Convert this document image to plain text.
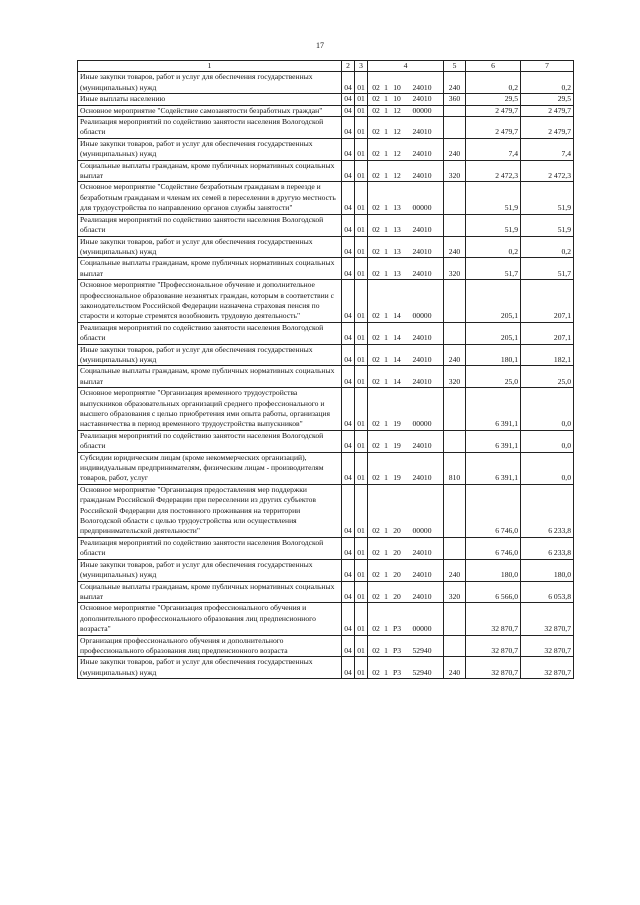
17
1	2	3	4	5	6	7
Иные закупки товаров, работ и услуг для обеспечения государственных (муниципальных) нужд	04	01	02 1 10 24010	240	0,2	0,2
Иные выплаты населению	04	01	02 1 10 24010	360	29,5	29,5
Основное мероприятие "Содействие самозанятости безработных граждан"	04	01	02 1 12 00000		2 479,7	2 479,7
Реализация мероприятий по содействию занятости населения Вологодской области	04	01	02 1 12 24010		2 479,7	2 479,7
Иные закупки товаров, работ и услуг для обеспечения государственных (муниципальных) нужд	04	01	02 1 12 24010	240	7,4	7,4
Социальные выплаты гражданам, кроме публичных нормативных социальных выплат	04	01	02 1 12 24010	320	2 472,3	2 472,3
Основное мероприятие "Содействие безработным гражданам в переезде и безработным гражданам и членам их семей в переселении в другую местность для трудоустройства по направлению органов службы занятости"	04	01	02 1 13 00000		51,9	51,9
Реализация мероприятий по содействию занятости населения Вологодской области	04	01	02 1 13 24010		51,9	51,9
Иные закупки товаров, работ и услуг для обеспечения государственных (муниципальных) нужд	04	01	02 1 13 24010	240	0,2	0,2
Социальные выплаты гражданам, кроме публичных нормативных социальных выплат	04	01	02 1 13 24010	320	51,7	51,7
Основное мероприятие "Профессиональное обучение и дополнительное профессиональное образование незанятых граждан, которым в соответствии с законодательством Российской Федерации назначена страховая пенсия по старости и которые стремятся возобновить трудовую деятельность"	04	01	02 1 14 00000		205,1	207,1
Реализация мероприятий по содействию занятости населения Вологодской области	04	01	02 1 14 24010		205,1	207,1
Иные закупки товаров, работ и услуг для обеспечения государственных (муниципальных) нужд	04	01	02 1 14 24010	240	180,1	182,1
Социальные выплаты гражданам, кроме публичных нормативных социальных выплат	04	01	02 1 14 24010	320	25,0	25,0
Основное мероприятие "Организация временного трудоустройства выпускников образовательных организаций среднего профессионального и высшего образования с целью приобретения ими опыта работы, организация наставничества в период временного трудоустройства выпускников"	04	01	02 1 19 00000		6 391,1	0,0
Реализация мероприятий по содействию занятости населения Вологодской области	04	01	02 1 19 24010		6 391,1	0,0
Субсидии юридическим лицам (кроме некоммерческих организаций), индивидуальным предпринимателям, физическим лицам - производителям товаров, работ, услуг	04	01	02 1 19 24010	810	6 391,1	0,0
Основное мероприятие "Организация предоставления мер поддержки гражданам Российской Федерации при переселении из других субъектов Российской Федерации для постоянного проживания на территории Вологодской области с целью трудоустройства или осуществления предпринимательской деятельности"	04	01	02 1 20 00000		6 746,0	6 233,8
Реализация мероприятий по содействию занятости населения Вологодской области	04	01	02 1 20 24010		6 746,0	6 233,8
Иные закупки товаров, работ и услуг для обеспечения государственных (муниципальных) нужд	04	01	02 1 20 24010	240	180,0	180,0
Социальные выплаты гражданам, кроме публичных нормативных социальных выплат	04	01	02 1 20 24010	320	6 566,0	6 053,8
Основное мероприятие "Организация профессионального обучения и дополнительного профессионального образования лиц предпенсионного возраста"	04	01	02 1 P3 00000		32 870,7	32 870,7
Организация профессионального обучения и дополнительного профессионального образования лиц предпенсионного возраста	04	01	02 1 P3 52940		32 870,7	32 870,7
Иные закупки товаров, работ и услуг для обеспечения государственных (муниципальных) нужд	04	01	02 1 P3 52940	240	32 870,7	32 870,7
